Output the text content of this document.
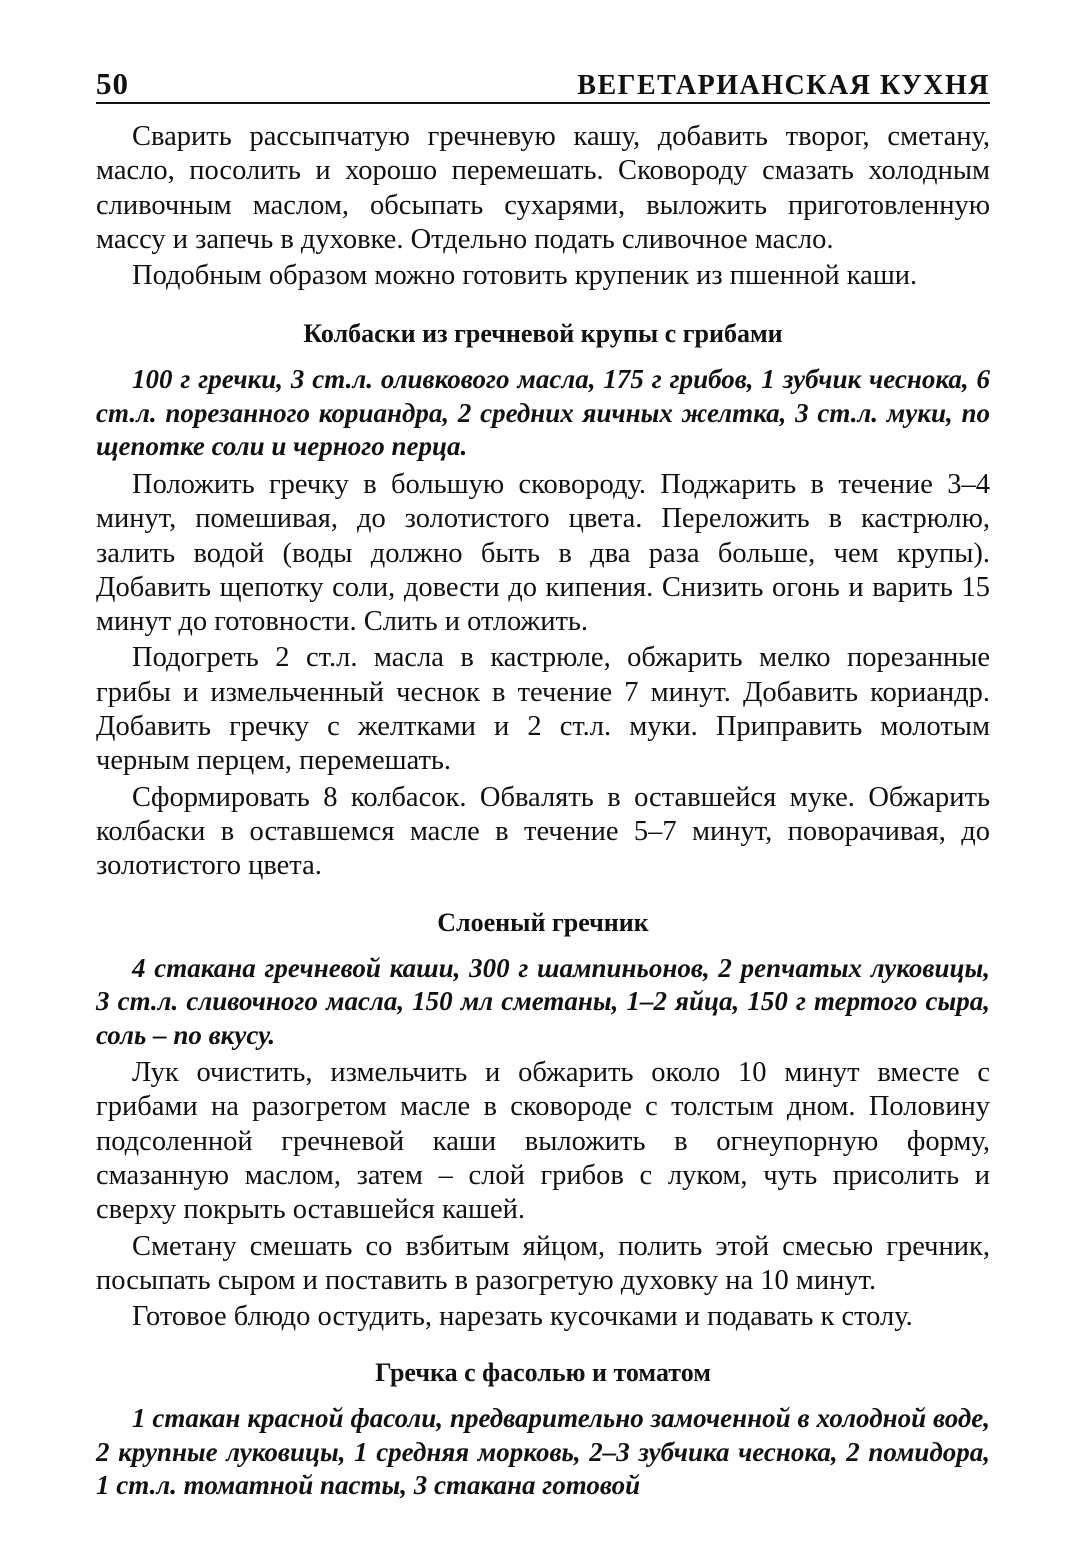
50	ВЕГЕТАРИАНСКАЯ КУХНЯ

Сварить рассыпчатую гречневую кашу, добавить творог, сметану, масло, посолить и хорошо перемешать. Сковороду смазать холодным сливочным маслом, обсыпать сухарями, выложить приготовленную массу и запечь в духовке. Отдельно подать сливочное масло.

Подобным образом можно готовить крупеник из пшенной каши.

Колбаски из гречневой крупы с грибами

100 г гречки, 3 ст.л. оливкового масла, 175 г грибов, 1 зубчик чеснока, 6 ст.л. порезанного кориандра, 2 средних яичных желтка, 3 ст.л. муки, по щепотке соли и черного перца.

Положить гречку в большую сковороду. Поджарить в течение 3–4 минут, помешивая, до золотистого цвета. Переложить в кастрюлю, залить водой (воды должно быть в два раза больше, чем крупы). Добавить щепотку соли, довести до кипения. Снизить огонь и варить 15 минут до готовности. Слить и отложить.

Подогреть 2 ст.л. масла в кастрюле, обжарить мелко порезанные грибы и измельченный чеснок в течение 7 минут. Добавить кориандр. Добавить гречку с желтками и 2 ст.л. муки. Приправить молотым черным перцем, перемешать.

Сформировать 8 колбасок. Обвалять в оставшейся муке. Обжарить колбаски в оставшемся масле в течение 5–7 минут, поворачивая, до золотистого цвета.

Слоеный гречник

4 стакана гречневой каши, 300 г шампиньонов, 2 репчатых луковицы, 3 ст.л. сливочного масла, 150 мл сметаны, 1–2 яйца, 150 г тертого сыра, соль – по вкусу.

Лук очистить, измельчить и обжарить около 10 минут вместе с грибами на разогретом масле в сковороде с толстым дном. Половину подсоленной гречневой каши выложить в огнеупорную форму, смазанную маслом, затем – слой грибов с луком, чуть присолить и сверху покрыть оставшейся кашей.

Сметану смешать со взбитым яйцом, полить этой смесью гречник, посыпать сыром и поставить в разогретую духовку на 10 минут.

Готовое блюдо остудить, нарезать кусочками и подавать к столу.

Гречка с фасолью и томатом

1 стакан красной фасоли, предварительно замоченной в холодной воде, 2 крупные луковицы, 1 средняя морковь, 2–3 зубчика чеснока, 2 помидора, 1 ст.л. томатной пасты, 3 стакана готовой
